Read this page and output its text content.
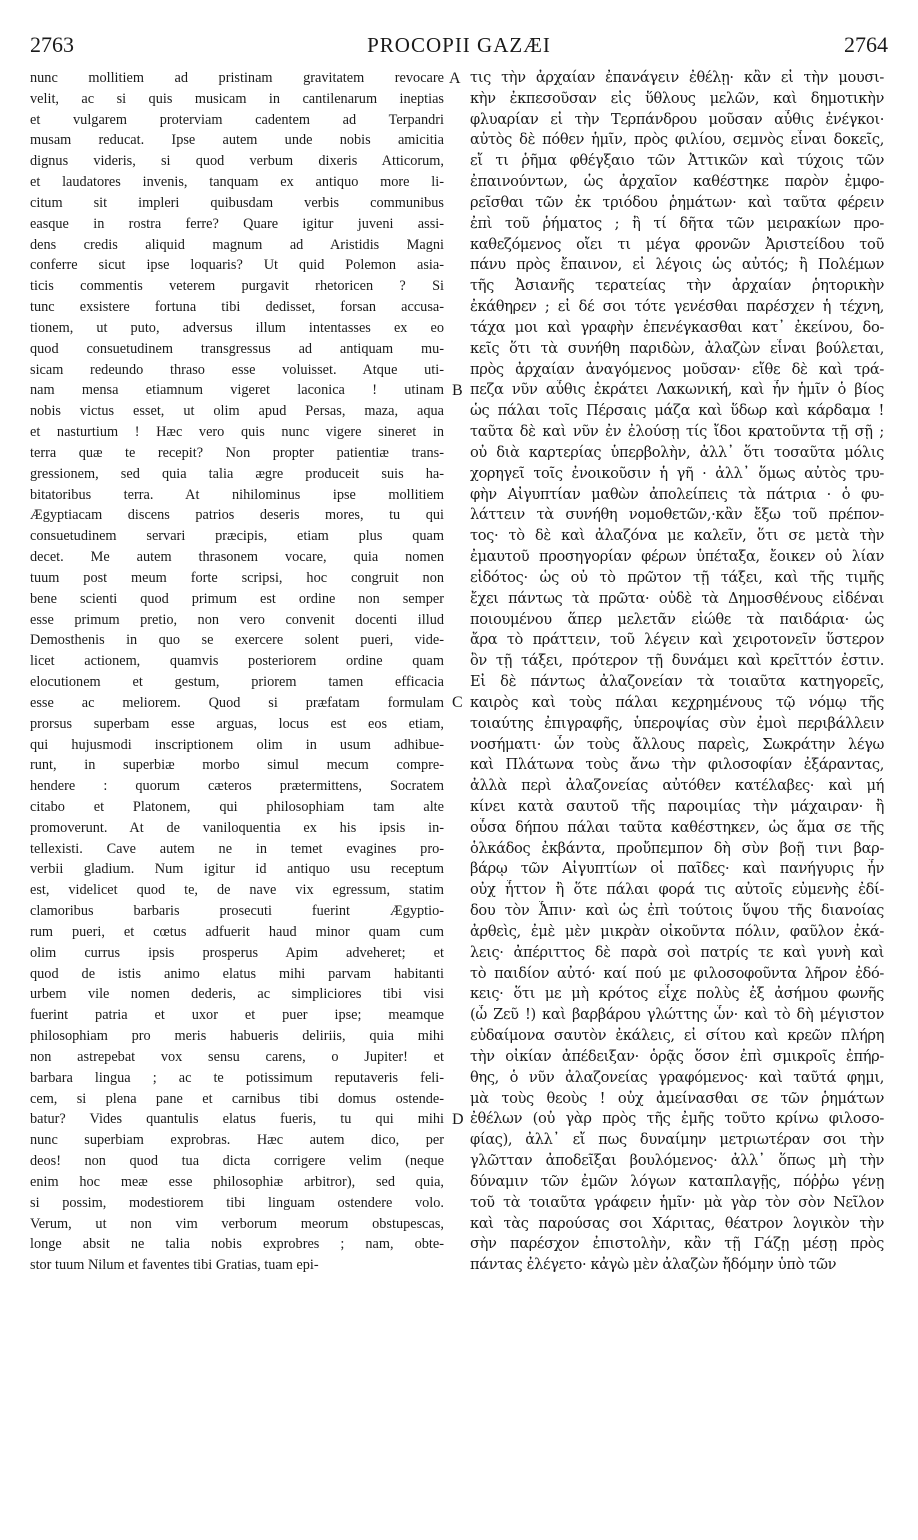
2763	PROCOPII GAZÆI	2764
nunc mollitiem ad pristinam gravitatem revocare
velit, ac si quis musicam in cantilenarum ineptias
et vulgarem proterviam cadentem ad Terpandri
musam reducat. Ipse autem unde nobis amicitia
dignus videris, si quod verbum dixeris Atticorum,
et laudatores invenis, tanquam ex antiquo more li-
citum sit impleri quibusdam verbis communibus
easque in rostra ferre? Quare igitur juveni assi-
dens credis aliquid magnum ad Aristidis Magni
conferre sicut ipse loquaris? Ut quid Polemon asia-
ticis commentis veterem purgavit rhetoricen ? Si
tunc exsistere fortuna tibi dedisset, forsan accusa-
tionem, ut puto, adversus illum intentasses ex eo
quod consuetudinem transgressus ad antiquam mu-
sicam redeundo thraso esse voluisset. Atque uti-
nam mensa etiamnum vigeret laconica ! utinam
nobis victus esset, ut olim apud Persas, maza, aqua
et nasturtium ! Hæc vero quis nunc vigere sineret in
terra quæ te recepit? Non propter patientiæ trans-
gressionem, sed quia talia ægre produceit suis ha-
bitatoribus terra. At nihilominus ipse mollitiem
Ægyptiacam discens patrios deseris mores, tu qui
consuetudinem servari præcipis, etiam plus quam
decet. Me autem thrasonem vocare, quia nomen
tuum post meum forte scripsi, hoc congruit non
bene scienti quod primum est ordine non semper
esse primum pretio, non vero convenit docenti illud
Demosthenis in quo se exercere solent pueri, vide-
licet actionem, quamvis posteriorem ordine quam
elocutionem et gestum, priorem tamen efficacia
esse ac meliorem. Quod si præfatam formulam
prorsus superbam esse arguas, locus est eos etiam,
qui hujusmodi inscriptionem olim in usum adhibue-
runt, in superbiæ morbo simul mecum compre-
hendere : quorum cæteros prætermittens, Socratem
citabo et Platonem, qui philosophiam tam alte
promoverunt. At de vaniloquentia ex his ipsis in-
tellexisti. Cave autem ne in temet evagines pro-
verbii gladium. Num igitur id antiquo usu receptum
est, videlicet quod te, de nave vix egressum, statim
clamoribus barbaris prosecuti fuerint Ægyptio-
rum pueri, et cœtus adfuerit haud minor quam cum
olim currus ipsis prosperus Apim adveheret; et
quod de istis animo elatus mihi parvam habitanti
urbem vile nomen dederis, ac simpliciores tibi visi
fuerint patria et uxor et puer ipse; meamque
philosophiam pro meris habueris deliriis, quia mihi
non astrepebat vox sensu carens, o Jupiter! et
barbara lingua ; ac te potissimum reputaveris feli-
cem, si plena pane et carnibus tibi domus ostende-
batur? Vides quantulis elatus fueris, tu qui mihi
nunc superbiam exprobras. Hæc autem dico, per
deos! non quod tua dicta corrigere velim (neque
enim hoc meæ esse philosophiæ arbitror), sed quia,
si possim, modestiorem tibi linguam ostendere volo.
Verum, ut non vim verborum meorum obstupescas,
longe absit ne talia nobis exprobres ; nam, obte-
stor tuum Nilum et faventes tibi Gratias, tuam epi-
τις τὴν ἀρχαίαν ἐπανάγειν ἐθέλῃ· κἂν εἰ τὴν μουσι-
κὴν ἐκπεσοῦσαν εἰς ὕθλους μελῶν, καὶ δημοτικὴν
φλυαρίαν εἰ τὴν Τερπάνδρου μοῦσαν αὖθις ἐνέγκοι·
αὐτὸς δὲ πόθεν ἡμῖν, πρὸς φιλίου, σεμνὸς εἶναι δοκεῖς,
εἴ τι ῥῆμα φθέγξαιο τῶν Ἀττικῶν καὶ τύχοις τῶν
ἐπαινούντων, ὡς ἀρχαῖον καθέστηκε παρὸν ἐμφο-
ρεῖσθαι τῶν ἐκ τριόδου ῥημάτων· καὶ ταῦτα φέρειν
ἐπὶ τοῦ ῥήματος ; ἢ τί δῆτα τῶν μειρακίων προ-
καθεζόμενος οἴει τι μέγα φρονῶν Ἀριστείδου τοῦ
πάνυ πρὸς ἔπαινον, εἰ λέγοις ὡς αὐτός; ἢ Πολέμων
τῆς Ἀσιανῆς τερατείας τὴν ἀρχαίαν ῥητορικὴν
ἐκάθηρεν ; εἰ δέ σοι τότε γενέσθαι παρέσχεν ἡ τέχνη,
τάχα μοι καὶ γραφὴν ἐπενέγκασθαι κατ᾽ ἐκείνου, δο-
κεῖς ὅτι τὰ συνήθη παριδὼν, ἀλαζὼν εἶναι βούλεται,
πρὸς ἀρχαίαν ἀναγόμενος μοῦσαν· εἴθε δὲ καὶ τρά-
πεζα νῦν αὖθις ἐκράτει Λακωνική, καὶ ἦν ἡμῖν ὁ βίος
ὡς πάλαι τοῖς Πέρσαις μάζα καὶ ὕδωρ καὶ κάρδαμα !
ταῦτα δὲ καὶ νῦν ἐν ἐλούσῃ τίς ἴδοι κρατοῦντα τῇ σῇ ;
οὐ διὰ καρτερίας ὑπερβολὴν, ἀλλ᾽ ὅτι τοσαῦτα μόλις
χορηγεῖ τοῖς ἐνοικοῦσιν ἡ γῆ · ἀλλ᾽ ὅμως αὐτὸς τρυ-
φὴν Αἰγυπτίαν μαθὼν ἀπολείπεις τὰ πάτρια · ὁ φυ-
λάττειν τὰ συνήθη νομοθετῶν,·κἂν ἔξω τοῦ πρέπον-
τος· τὸ δὲ καὶ ἀλαζόνα με καλεῖν, ὅτι σε μετὰ τὴν
ἐμαυτοῦ προσηγορίαν φέρων ὑπέταξα, ἔοικεν οὐ λίαν
εἰδότος· ὡς οὐ τὸ πρῶτον τῇ τάξει, καὶ τῆς τιμῆς
ἔχει πάντως τὰ πρῶτα· οὐδὲ τὰ Δημοσθένους εἰδέναι
ποιουμένου ἅπερ μελετᾶν εἰώθε τὰ παιδάρια· ὡς
ἄρα τὸ πράττειν, τοῦ λέγειν καὶ χειροτονεῖν ὕστερον
ὂν τῇ τάξει, πρότερον τῇ δυνάμει καὶ κρεῖττόν ἐστιν.
Εἰ δὲ πάντως ἀλαζονείαν τὰ τοιαῦτα κατηγορεῖς,
καιρὸς καὶ τοὺς πάλαι κεχρημένους τῷ νόμῳ τῆς
τοιαύτης ἐπιγραφῆς, ὑπεροψίας σὺν ἐμοὶ περιβάλλειν
νοσήματι· ὧν τοὺς ἄλλους παρεὶς, Σωκράτην λέγω
καὶ Πλάτωνα τοὺς ἄνω τὴν φιλοσοφίαν ἐξάραντας,
ἀλλὰ περὶ ἀλαζονείας αὐτόθεν κατέλαβες· καὶ μή
κίνει κατὰ σαυτοῦ τῆς παροιμίας τὴν μάχαιραν· ἢ
οὖσα δήπου πάλαι ταῦτα καθέστηκεν, ὡς ἅμα σε τῆς
ὁλκάδος ἐκβάντα, προὔπεμπον δὴ σὺν βοῇ τινι βαρ-
βάρῳ τῶν Αἰγυπτίων οἱ παῖδες· καὶ πανήγυρις ἦν
οὐχ ἧττον ἢ ὅτε πάλαι φορά τις αὐτοῖς εὐμενὴς ἐδί-
δου τὸν Ἆπιν· καὶ ὡς ἐπὶ τούτοις ὕψου τῆς διανοίας
ἀρθεὶς, ἐμὲ μὲν μικρὰν οἰκοῦντα πόλιν, φαῦλον ἐκά-
λεις· ἀπέριττος δὲ παρὰ σοὶ πατρίς τε καὶ γυνὴ καὶ
τὸ παιδίον αὐτό· καί πού με φιλοσοφοῦντα λῆρον ἐδό-
κεις· ὅτι με μὴ κρότος εἶχε πολὺς ἐξ ἀσήμου φωνῆς
(ὦ Ζεῦ !) καὶ βαρβάρου γλώττης ὧν· καὶ τὸ δὴ μέγιστον
εὐδαίμονα σαυτὸν ἐκάλεις, εἰ σίτου καὶ κρεῶν πλήρη
τὴν οἰκίαν ἀπέδειξαν· ὁρᾷς ὅσον ἐπὶ σμικροῖς ἐπήρ-
θης, ὁ νῦν ἀλαζονείας γραφόμενος· καὶ ταῦτά φημι,
μὰ τοὺς θεοὺς ! οὐχ ἀμείνασθαι σε τῶν ῥημάτων
ἐθέλων (οὐ γὰρ πρὸς τῆς ἐμῆς τοῦτο κρίνω φιλοσο-
φίας), ἀλλ᾽ εἴ πως δυναίμην μετριωτέραν σοι τὴν
γλῶτταν ἀποδεῖξαι βουλόμενος· ἀλλ᾽ ὅπως μὴ τὴν
δύναμιν τῶν ἐμῶν λόγων καταπλαγῇς, πόῤῥω γένῃ
τοῦ τὰ τοιαῦτα γράφειν ἡμῖν· μὰ γὰρ τὸν σὸν Νεῖλον
καὶ τὰς παρούσας σοι Χάριτας, θέατρον λογικὸν τὴν
σὴν παρέσχον ἐπιστολὴν, κἂν τῇ Γάζῃ μέσῃ πρὸς
πάντας ἐλέγετο· κἀγὼ μὲν ἀλαζὼν ἤδόμην ὑπὸ τῶν
A
B
C
D
